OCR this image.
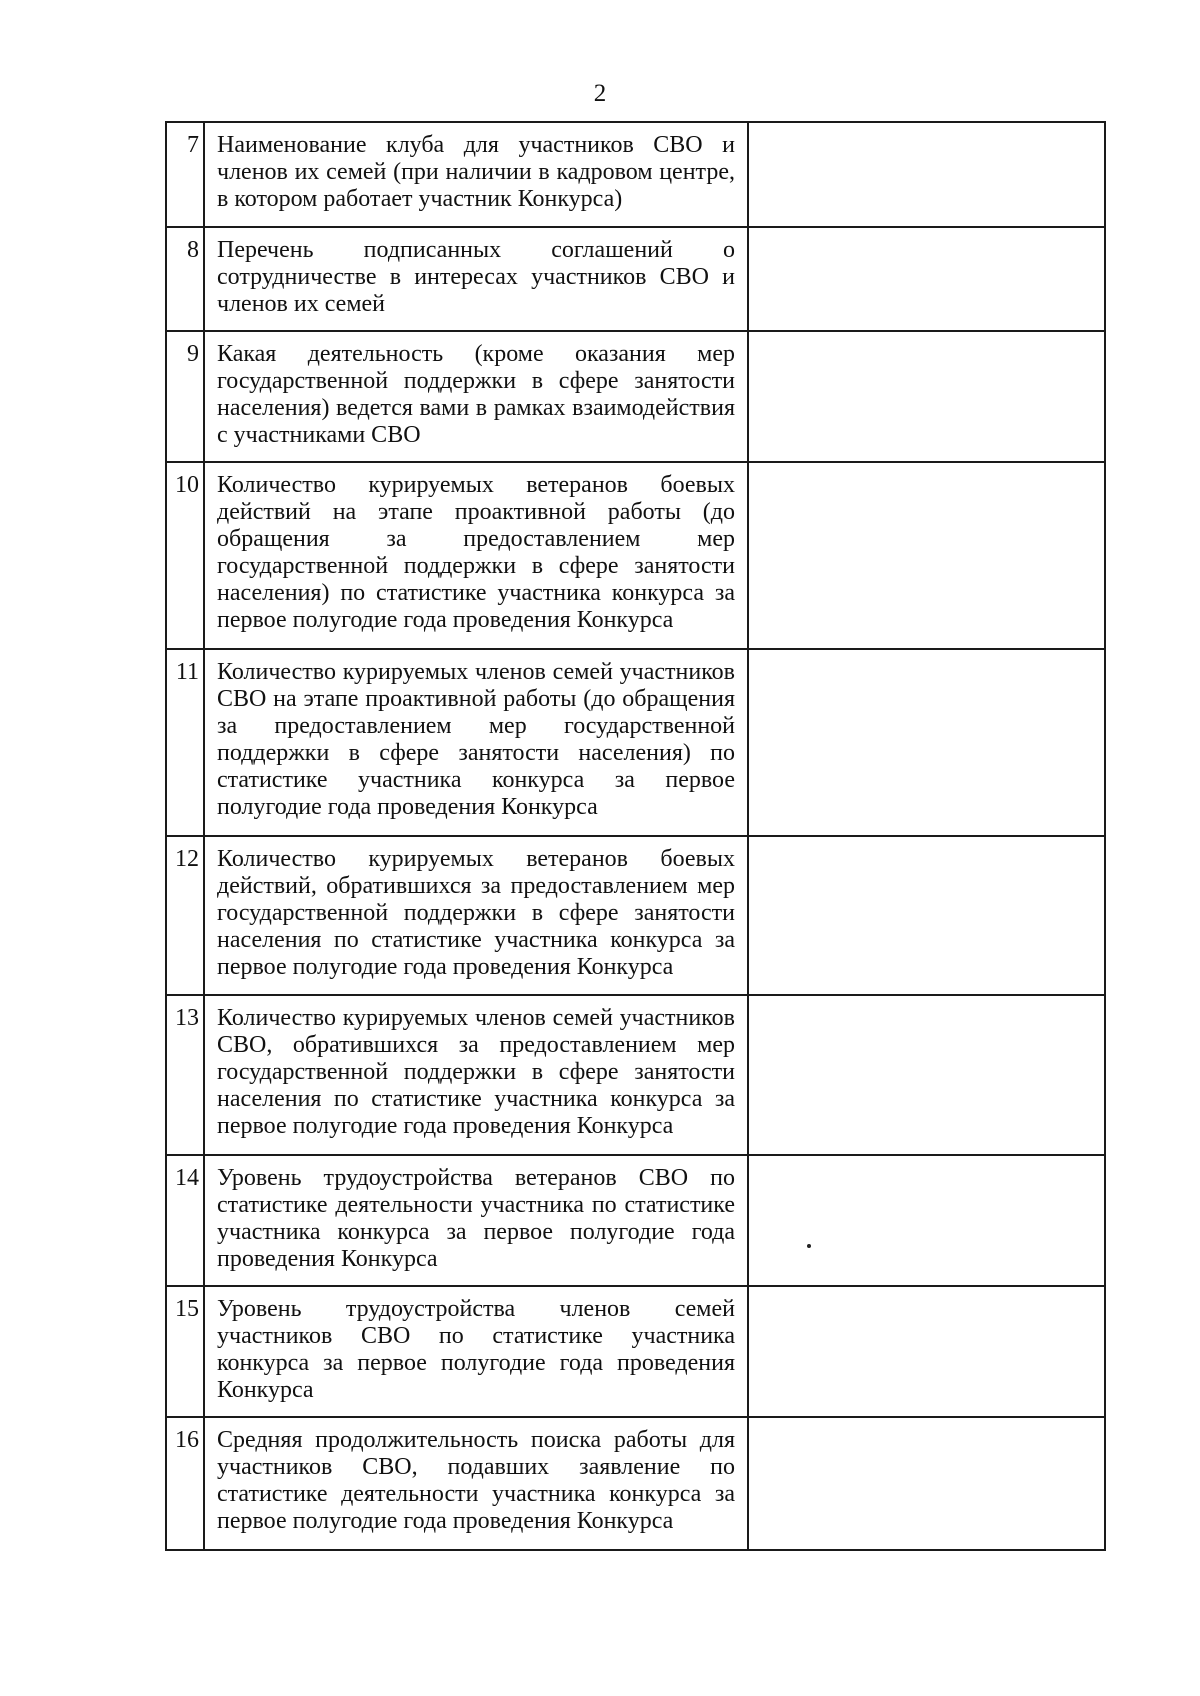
2
7	Наименование клуба для участников СВО и членов их семей (при наличии в кадровом центре, в котором работает участник Конкурса)	
8	Перечень подписанных соглашений о сотрудничестве в интересах участников СВО и членов их семей	
9	Какая деятельность (кроме оказания мер государственной поддержки в сфере занятости населения) ведется вами в рамках взаимодействия с участниками СВО	
10	Количество курируемых ветеранов боевых действий на этапе проактивной работы (до обращения за предоставлением мер государственной поддержки в сфере занятости населения) по статистике участника конкурса за первое полугодие года проведения Конкурса	
11	Количество курируемых членов семей участников СВО на этапе проактивной работы (до обращения за предоставлением мер государственной поддержки в сфере занятости населения) по статистике участника конкурса за первое полугодие года проведения Конкурса	
12	Количество курируемых ветеранов боевых действий, обратившихся за предоставлением мер государственной поддержки в сфере занятости населения по статистике участника конкурса за первое полугодие года проведения Конкурса	
13	Количество курируемых членов семей участников СВО, обратившихся за предоставлением мер государственной поддержки в сфере занятости населения по статистике участника конкурса за первое полугодие года проведения Конкурса	
14	Уровень трудоустройства ветеранов СВО по статистике деятельности участника по статистике участника конкурса за первое полугодие года проведения Конкурса	

15	Уровень трудоустройства членов семей участников СВО по статистике участника конкурса за первое полугодие года проведения Конкурса	
16	Средняя продолжительность поиска работы для участников СВО, подавших заявление по статистике деятельности участника конкурса за первое полугодие года проведения Конкурса	
